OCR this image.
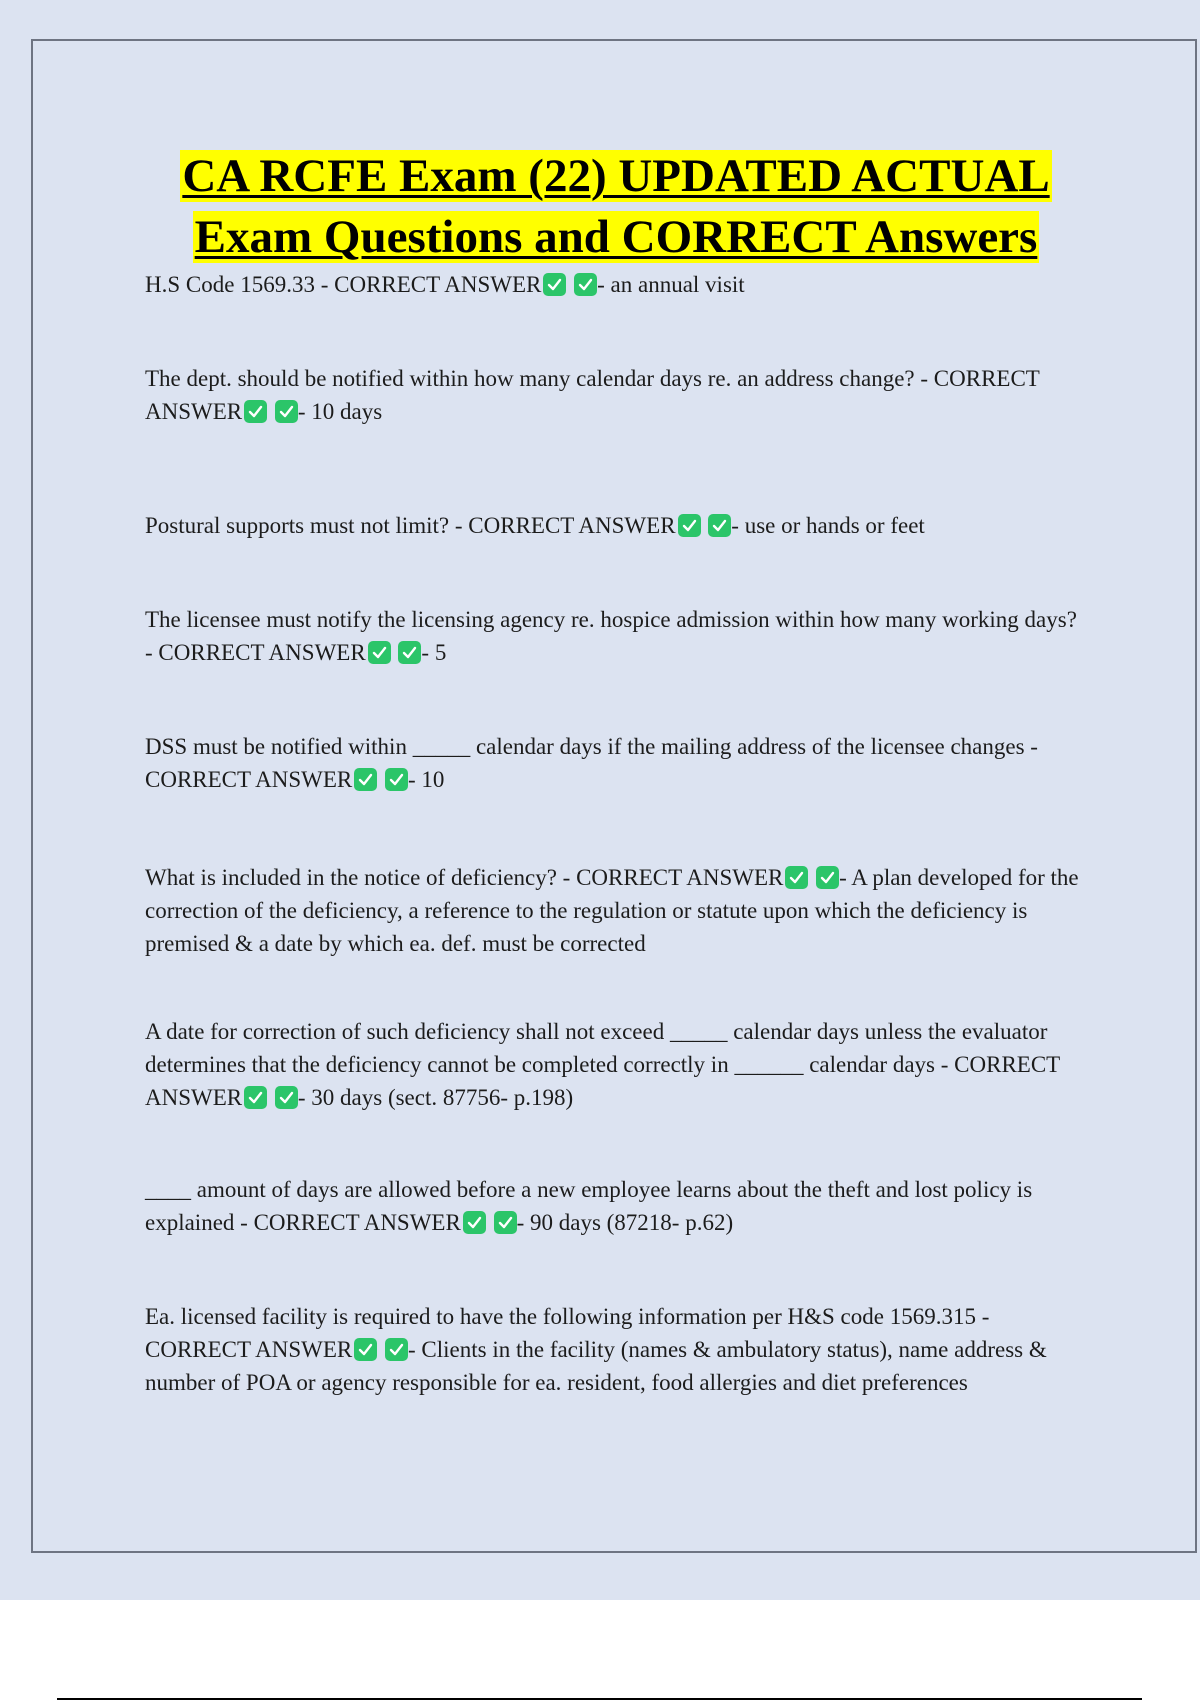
CA RCFE Exam (22) UPDATED ACTUAL
Exam Questions and CORRECT Answers

H.S Code 1569.33 - CORRECT ANSWER
- an annual visit

The dept. should be notified within how many calendar days re. an address change? - CORRECT ANSWER
- 10 days

Postural supports must not limit? - CORRECT ANSWER
- use or hands or feet

The licensee must notify the licensing agency re. hospice admission within how many working days? - CORRECT ANSWER
- 5

DSS must be notified within _____ calendar days if the mailing address of the licensee changes - CORRECT ANSWER
- 10

What is included in the notice of deficiency? - CORRECT ANSWER
- A plan developed for the correction of the deficiency, a reference to the regulation or statute upon which the deficiency is premised & a date by which ea. def. must be corrected

A date for correction of such deficiency shall not exceed _____ calendar days unless the evaluator determines that the deficiency cannot be completed correctly in ______ calendar days - CORRECT ANSWER
- 30 days (sect. 87756- p.198)

____ amount of days are allowed before a new employee learns about the theft and lost policy is explained - CORRECT ANSWER
- 90 days (87218- p.62)

Ea. licensed facility is required to have the following information per H&S code 1569.315 - CORRECT ANSWER
- Clients in the facility (names & ambulatory status), name address & number of POA or agency responsible for ea. resident, food allergies and diet preferences
